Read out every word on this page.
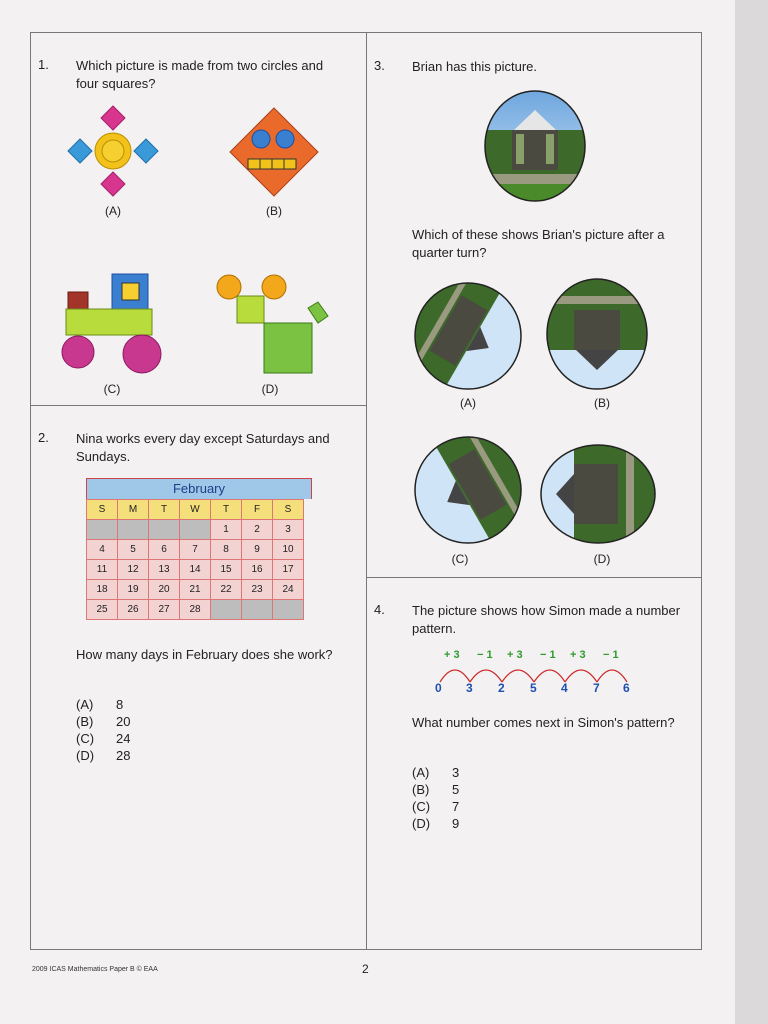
1. Which picture is made from two circles and four squares?
(A)	(B)
(C)	(D)
2. Nina works every day except Saturdays and Sundays.
February
S	M	T	W	T	F	S
				1	2	3
4	5	6	7	8	9	10
11	12	13	14	15	16	17
18	19	20	21	22	23	24
25	26	27	28			
How many days in February does she work?
(A) 8
(B) 20
(C) 24
(D) 28
3. Brian has this picture.
Which of these shows Brian's picture after a quarter turn?
(A)	(B)
(C)	(D)
4. The picture shows how Simon made a number pattern.
+ 3 − 1 + 3 − 1 + 3 − 1
0 3 2 5 4 7 6
What number comes next in Simon's pattern?
(A) 3
(B) 5
(C) 7
(D) 9
2009 ICAS Mathematics Paper B © EAA	2
